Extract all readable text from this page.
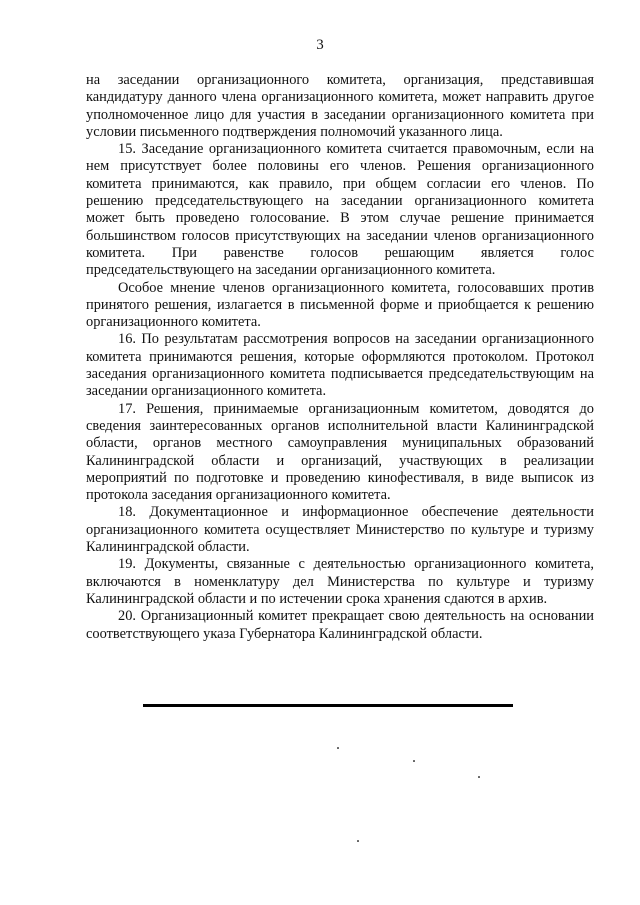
3

на заседании организационного комитета, организация, представившая кандидатуру данного члена организационного комитета, может направить другое уполномоченное лицо для участия в заседании организационного комитета при условии письменного подтверждения полномочий указанного лица.

15. Заседание организационного комитета считается правомочным, если на нем присутствует более половины его членов. Решения организационного комитета принимаются, как правило, при общем согласии его членов. По решению председательствующего на заседании организационного комитета может быть проведено голосование. В этом случае решение принимается большинством голосов присутствующих на заседании членов организационного комитета. При равенстве голосов решающим является голос председательствующего на заседании организационного комитета.

Особое мнение членов организационного комитета, голосовавших против принятого решения, излагается в письменной форме и приобщается к решению организационного комитета.

16. По результатам рассмотрения вопросов на заседании организационного комитета принимаются решения, которые оформляются протоколом. Протокол заседания организационного комитета подписывается председательствующим на заседании организационного комитета.

17. Решения, принимаемые организационным комитетом, доводятся до сведения заинтересованных органов исполнительной власти Калининградской области, органов местного самоуправления муниципальных образований Калининградской области и организаций, участвующих в реализации мероприятий по подготовке и проведению кинофестиваля, в виде выписок из протокола заседания организационного комитета.

18. Документационное и информационное обеспечение деятельности организационного комитета осуществляет Министерство по культуре и туризму Калининградской области.

19. Документы, связанные с деятельностью организационного комитета, включаются в номенклатуру дел Министерства по культуре и туризму Калининградской области и по истечении срока хранения сдаются в архив.

20. Организационный комитет прекращает свою деятельность на основании соответствующего указа Губернатора Калининградской области.
